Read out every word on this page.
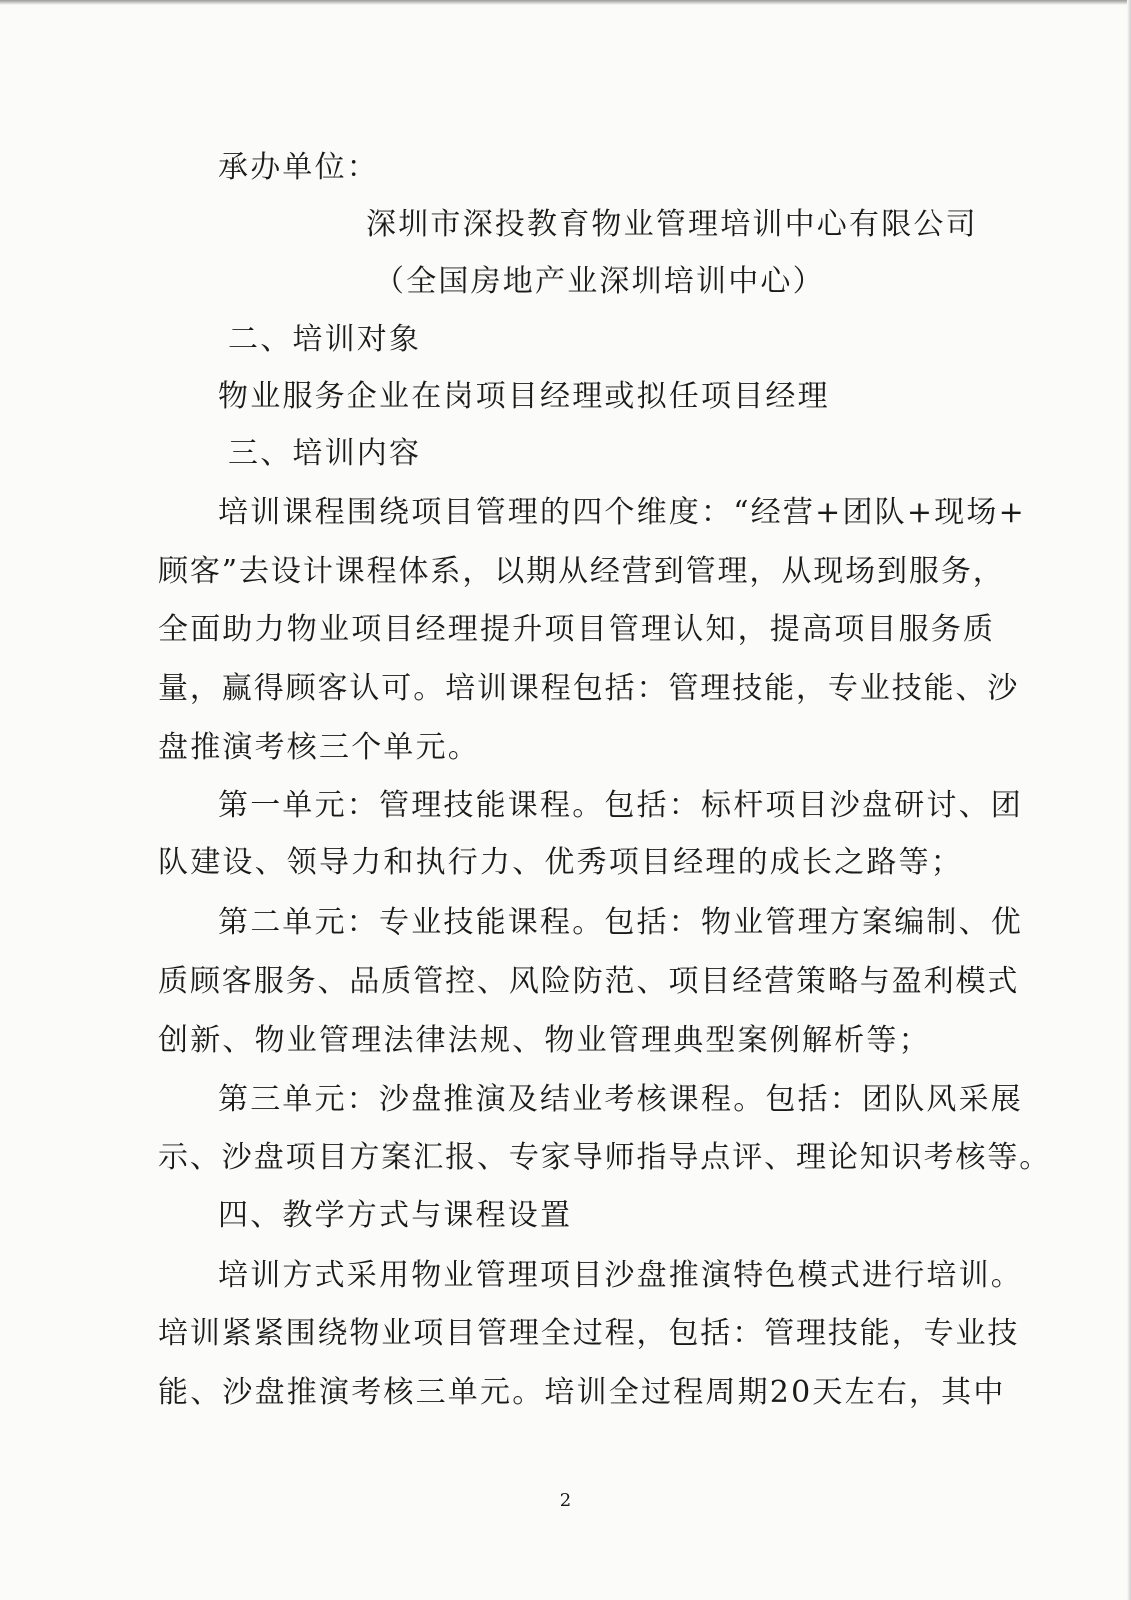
承办单位：
深圳市深投教育物业管理培训中心有限公司
（全国房地产业深圳培训中心）
二、培训对象
物业服务企业在岗项目经理或拟任项目经理
三、培训内容
培训课程围绕项目管理的四个维度：“经营+团队+现场+
顾客”去设计课程体系，以期从经营到管理，从现场到服务，
全面助力物业项目经理提升项目管理认知，提高项目服务质
量，赢得顾客认可。培训课程包括：管理技能，专业技能、沙
盘推演考核三个单元。
第一单元：管理技能课程。包括：标杆项目沙盘研讨、团
队建设、领导力和执行力、优秀项目经理的成长之路等；
第二单元：专业技能课程。包括：物业管理方案编制、优
质顾客服务、品质管控、风险防范、项目经营策略与盈利模式
创新、物业管理法律法规、物业管理典型案例解析等；
第三单元：沙盘推演及结业考核课程。包括：团队风采展
示、沙盘项目方案汇报、专家导师指导点评、理论知识考核等。
四、教学方式与课程设置
培训方式采用物业管理项目沙盘推演特色模式进行培训。
培训紧紧围绕物业项目管理全过程，包括：管理技能，专业技
能、沙盘推演考核三单元。培训全过程周期20天左右，其中
2
